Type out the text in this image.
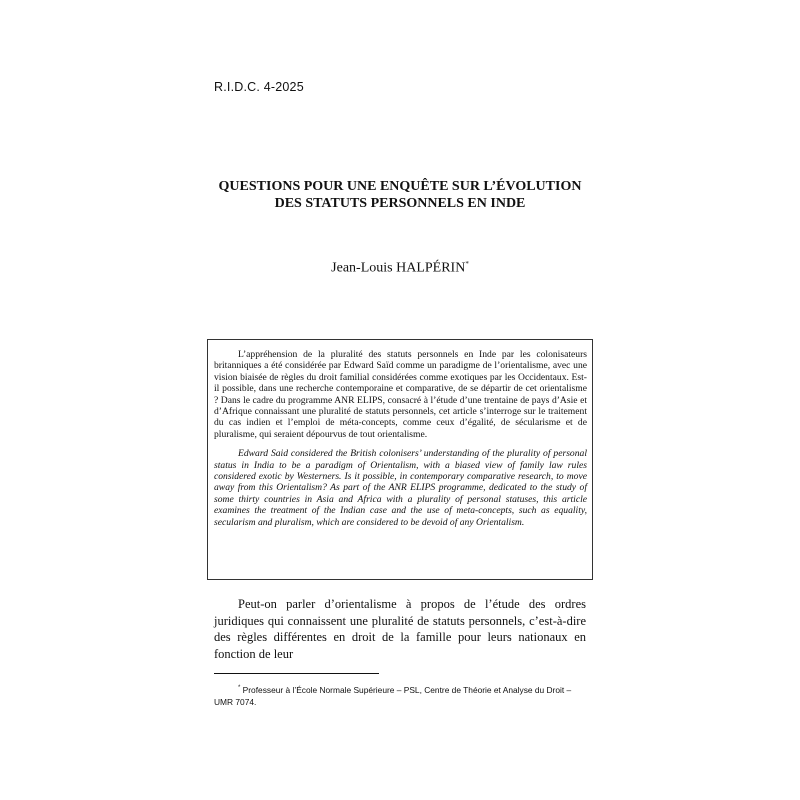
R.I.D.C. 4-2025
QUESTIONS POUR UNE ENQUÊTE SUR L’ÉVOLUTION
DES STATUTS PERSONNELS EN INDE
Jean-Louis HALPÉRIN*

L’appréhension de la pluralité des statuts personnels en Inde par les colonisateurs britanniques a été considérée par Edward Saïd comme un paradigme de l’orientalisme, avec une vision biaisée de règles du droit familial considérées comme exotiques par les Occidentaux. Est-il possible, dans une recherche contemporaine et comparative, de se départir de cet orientalisme ? Dans le cadre du programme ANR ELIPS, consacré à l’étude d’une trentaine de pays d’Asie et d’Afrique connaissant une pluralité de statuts personnels, cet article s’interroge sur le traitement du cas indien et l’emploi de méta-concepts, comme ceux d’égalité, de sécularisme et de pluralisme, qui seraient dépourvus de tout orientalisme.

Edward Said considered the British colonisers’ understanding of the plurality of personal status in India to be a paradigm of Orientalism, with a biased view of family law rules considered exotic by Westerners. Is it possible, in contemporary comparative research, to move away from this Orientalism? As part of the ANR ELIPS programme, dedicated to the study of some thirty countries in Asia and Africa with a plurality of personal statuses, this article examines the treatment of the Indian case and the use of meta-concepts, such as equality, secularism and pluralism, which are considered to be devoid of any Orientalism.

Peut-on parler d’orientalisme à propos de l’étude des ordres juridiques qui connaissent une pluralité de statuts personnels, c’est-à-dire des règles différentes en droit de la famille pour leurs nationaux en fonction de leur

* Professeur à l’École Normale Supérieure – PSL, Centre de Théorie et Analyse du Droit – UMR 7074.
